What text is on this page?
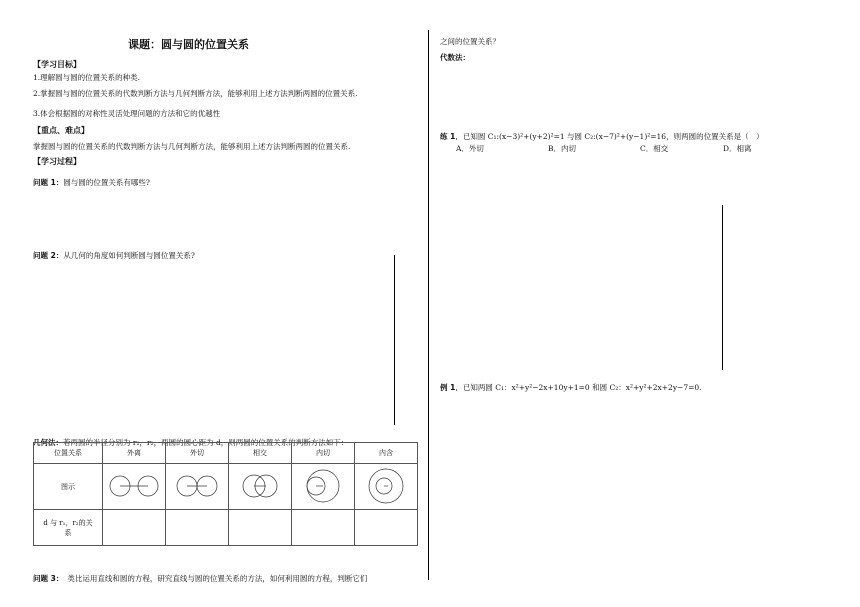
课题：圆与圆的位置关系
【学习目标】
1.理解圆与圆的位置关系的种类.
2.掌握圆与圆的位置关系的代数判断方法与几何判断方法，能够利用上述方法判断两圆的位置关系.
3.体会根据圆的对称性灵活处理问题的方法和它的优越性
【重点、难点】
掌握圆与圆的位置关系的代数判断方法与几何判断方法，能够利用上述方法判断两圆的位置关系.
【学习过程】
问题 1：圆与圆的位置关系有哪些?
问题 2：从几何的角度如何判断圆与圆位置关系?
几何法：若两圆的半径分别为 r₁，r₂，两圆的圆心距为 d，则两圆的位置关系的判断方法如下：
位置关系	外离	外切	相交	内切	内含
图示					

d 与 r₁，r₂的关
系					

问题 3： 类比运用直线和圆的方程，研究直线与圆的位置关系的方法，如何利用圆的方程，判断它们
之间的位置关系？
代数法：
练 1．已知圆 C₁:(x−3)²+(y+2)²=1 与圆 C₂:(x−7)²+(y−1)²=16，则两圆的位置关系是（　）
A．外切	B．内切	C．相交	D．相离
例 1．已知两圆 C₁：x²+y²−2x+10y+1=0 和圆 C₂：x²+y²+2x+2y−7=0.
